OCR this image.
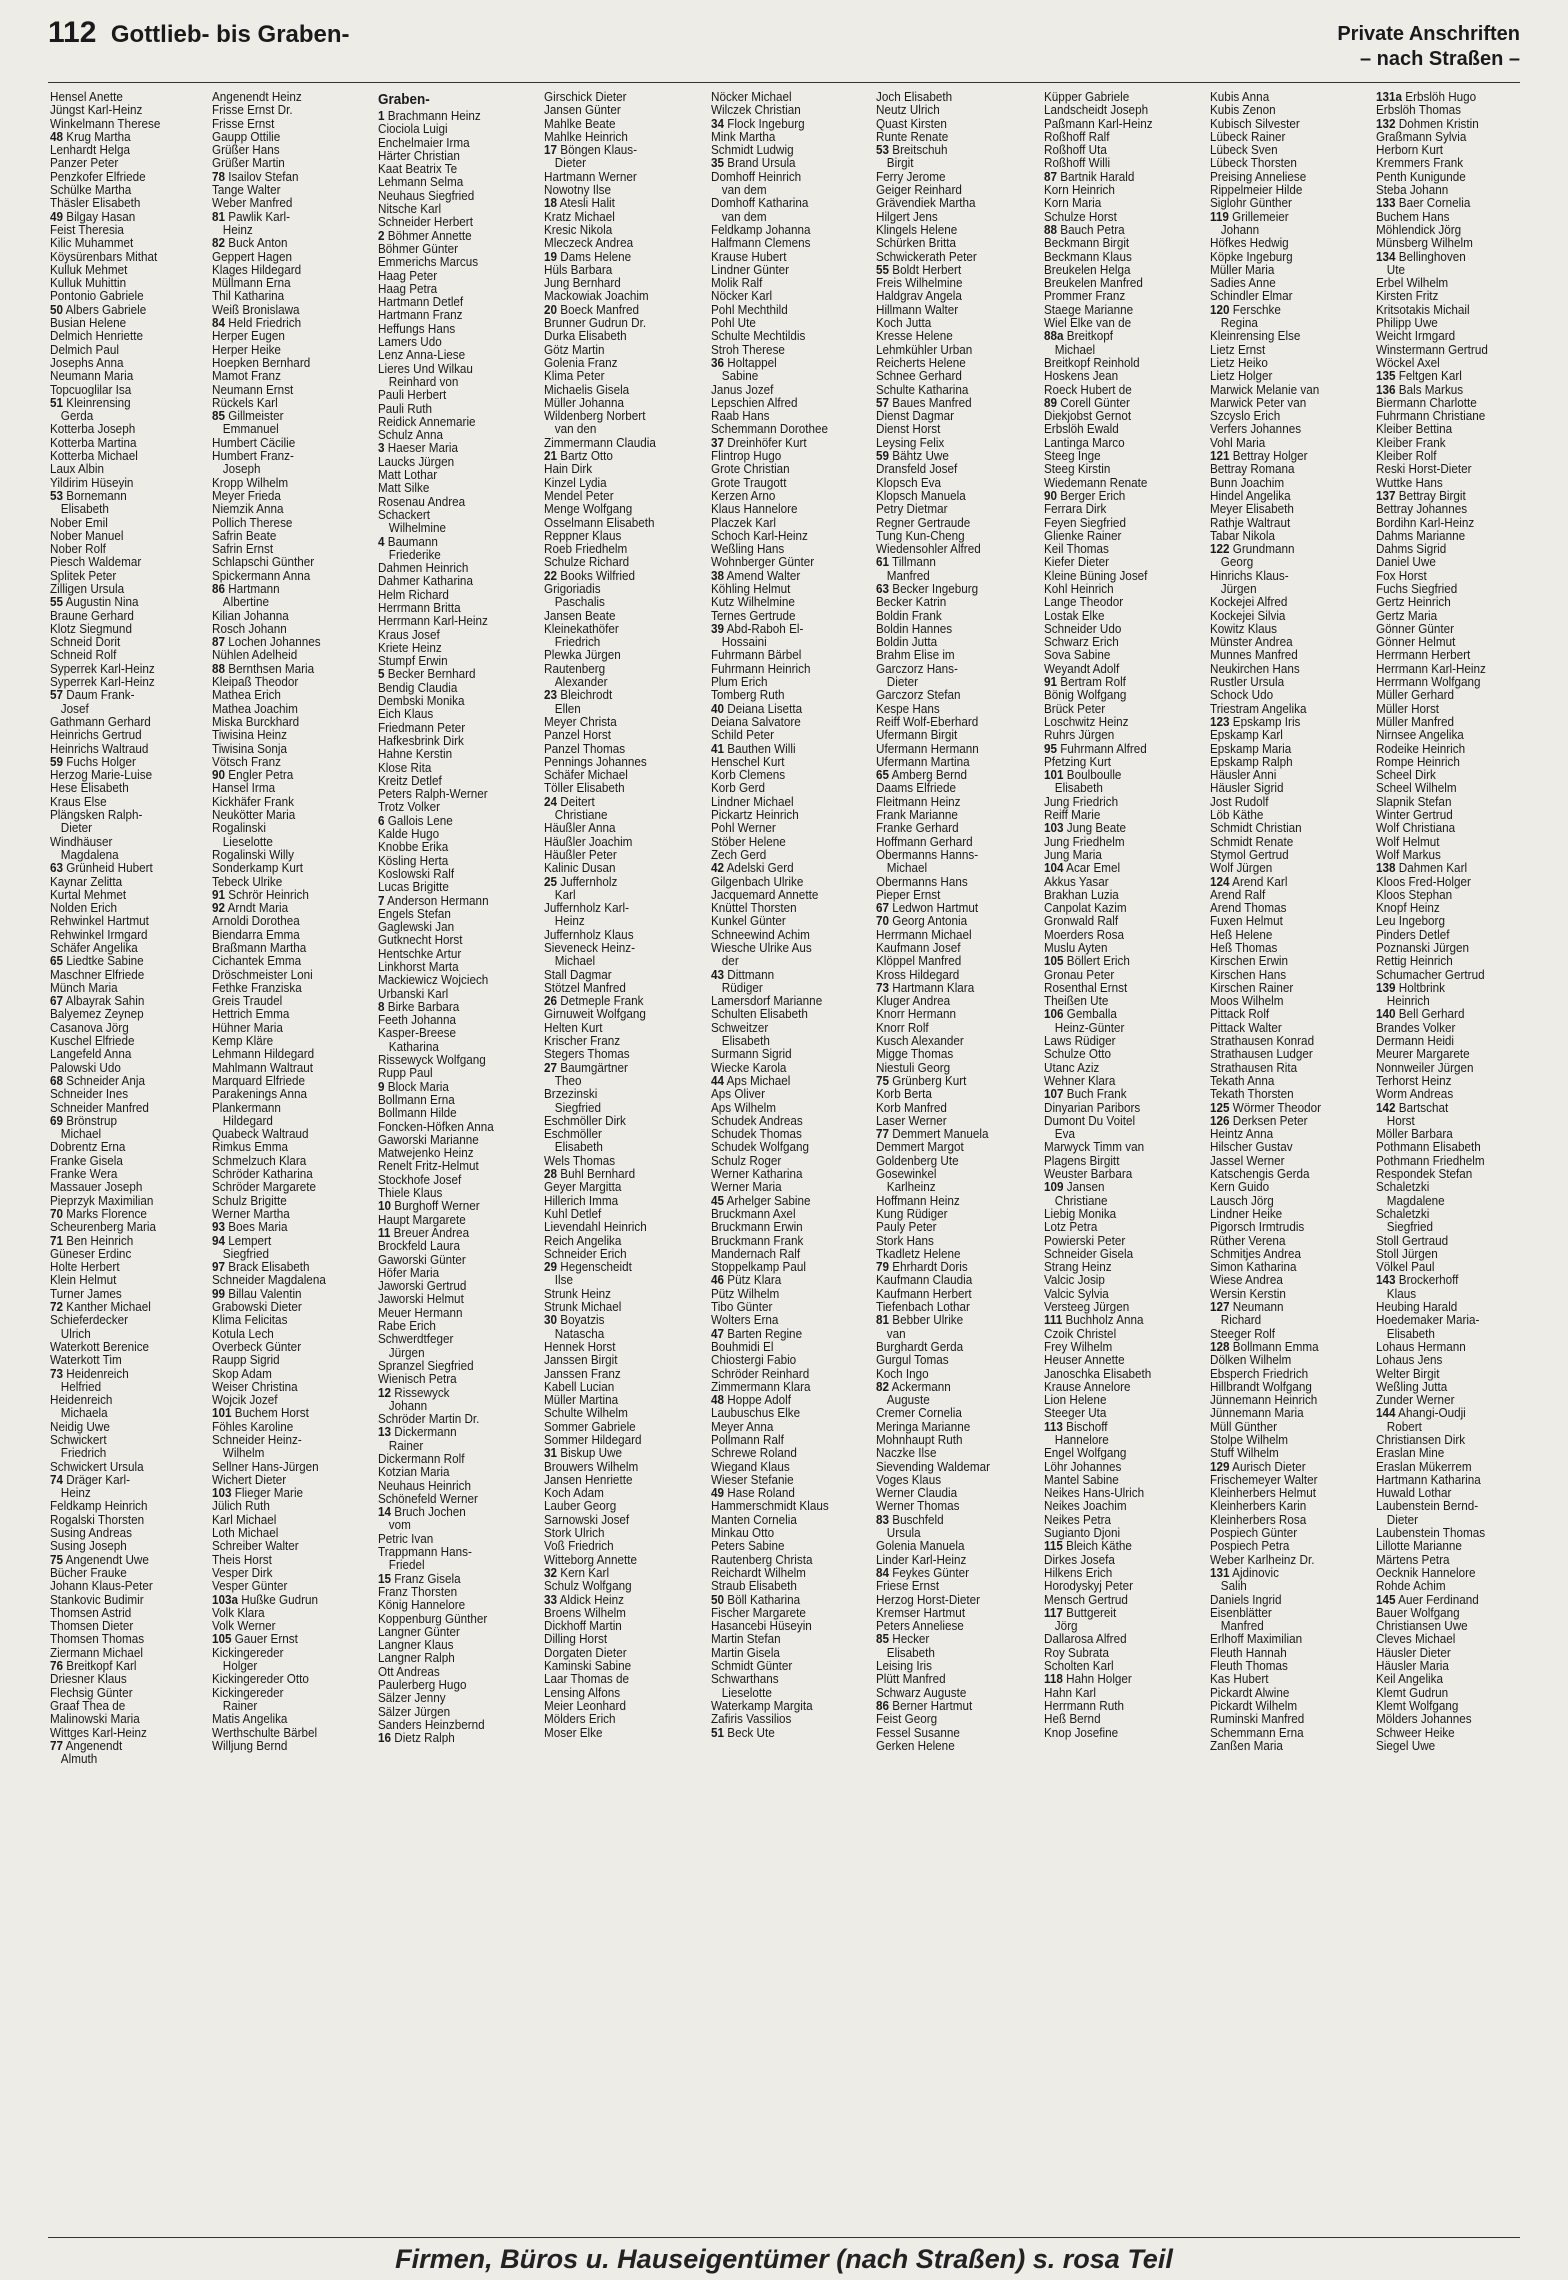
112 Gottlieb- bis Graben-	Private Anschriften
– nach Straßen –
Hensel Anette
Jüngst Karl-Heinz
Winkelmann Therese
48 Krug Martha
Lenhardt Helga
Panzer Peter
Penzkofer Elfriede
Schülke Martha
Thäsler Elisabeth
49 Bilgay Hasan
Feist Theresia
Kilic Muhammet
Köysürenbars Mithat
Kulluk Mehmet
Kulluk Muhittin
Pontonio Gabriele
50 Albers Gabriele
Busian Helene
Delmich Henriette
Delmich Paul
Josephs Anna
Neumann Maria
Topcuoglilar Isa
51 Kleinrensing
Gerda
Kotterba Joseph
Kotterba Martina
Kotterba Michael
Laux Albin
Yildirim Hüseyin
53 Bornemann
Elisabeth
Nober Emil
Nober Manuel
Nober Rolf
Piesch Waldemar
Splitek Peter
Zilligen Ursula
55 Augustin Nina
Braune Gerhard
Klotz Siegmund
Schneid Dorit
Schneid Rolf
Syperrek Karl-Heinz
Syperrek Karl-Heinz
57 Daum Frank-
Josef
Gathmann Gerhard
Heinrichs Gertrud
Heinrichs Waltraud
59 Fuchs Holger
Herzog Marie-Luise
Hese Elisabeth
Kraus Else
Plängsken Ralph-
Dieter
Windhäuser
Magdalena
63 Grünheid Hubert
Kaynar Zelitta
Kurtal Mehmet
Nolden Erich
Rehwinkel Hartmut
Rehwinkel Irmgard
Schäfer Angelika
65 Liedtke Sabine
Maschner Elfriede
Münch Maria
67 Albayrak Sahin
Balyemez Zeynep
Casanova Jörg
Kuschel Elfriede
Langefeld Anna
Palowski Udo
68 Schneider Anja
Schneider Ines
Schneider Manfred
69 Brönstrup
Michael
Dobrentz Erna
Franke Gisela
Franke Wera
Massauer Joseph
Pieprzyk Maximilian
70 Marks Florence
Scheurenberg Maria
71 Ben Heinrich
Güneser Erdinc
Holte Herbert
Klein Helmut
Turner James
72 Kanther Michael
Schieferdecker
Ulrich
Waterkott Berenice
Waterkott Tim
73 Heidenreich
Helfried
Heidenreich
Michaela
Neidig Uwe
Schwickert
Friedrich
Schwickert Ursula
74 Dräger Karl-
Heinz
Feldkamp Heinrich
Rogalski Thorsten
Susing Andreas
Susing Joseph
75 Angenendt Uwe
Bücher Frauke
Johann Klaus-Peter
Stankovic Budimir
Thomsen Astrid
Thomsen Dieter
Thomsen Thomas
Ziermann Michael
76 Breitkopf Karl
Driesner Klaus
Flechsig Günter
Graaf Thea de
Malinowski Maria
Wittges Karl-Heinz
77 Angenendt
Almuth
Angenendt Heinz
Frisse Ernst Dr.
Frisse Ernst
Gaupp Ottilie
Grüßer Hans
Grüßer Martin
78 Isailov Stefan
Tange Walter
Weber Manfred
81 Pawlik Karl-
Heinz
82 Buck Anton
Geppert Hagen
Klages Hildegard
Müllmann Erna
Thil Katharina
Weiß Bronislawa
84 Held Friedrich
Herper Eugen
Herper Heike
Hoepken Bernhard
Mamot Franz
Neumann Ernst
Rückels Karl
85 Gillmeister
Emmanuel
Humbert Cäcilie
Humbert Franz-
Joseph
Kropp Wilhelm
Meyer Frieda
Niemzik Anna
Pollich Therese
Safrin Beate
Safrin Ernst
Schlapschi Günther
Spickermann Anna
86 Hartmann
Albertine
Kilian Johanna
Rosch Johann
87 Lochen Johannes
Nühlen Adelheid
88 Bernthsen Maria
Kleipaß Theodor
Mathea Erich
Mathea Joachim
Miska Burckhard
Tiwisina Heinz
Tiwisina Sonja
Vötsch Franz
90 Engler Petra
Hansel Irma
Kickhäfer Frank
Neukötter Maria
Rogalinski
Lieselotte
Rogalinski Willy
Sonderkamp Kurt
Tebeck Ulrike
91 Schrör Heinrich
92 Arndt Maria
Arnoldi Dorothea
Biendarra Emma
Braßmann Martha
Cichantek Emma
Dröschmeister Loni
Fethke Franziska
Greis Traudel
Hettrich Emma
Hühner Maria
Kemp Kläre
Lehmann Hildegard
Mahlmann Waltraut
Marquard Elfriede
Parakenings Anna
Plankermann
Hildegard
Quabeck Waltraud
Rimkus Emma
Schmelzuch Klara
Schröder Katharina
Schröder Margarete
Schulz Brigitte
Werner Martha
93 Boes Maria
94 Lempert
Siegfried
97 Brack Elisabeth
Schneider Magdalena
99 Billau Valentin
Grabowski Dieter
Klima Felicitas
Kotula Lech
Overbeck Günter
Raupp Sigrid
Skop Adam
Weiser Christina
Wojcik Jozef
101 Buchem Horst
Föhles Karoline
Schneider Heinz-
Wilhelm
Sellner Hans-Jürgen
Wichert Dieter
103 Flieger Marie
Jülich Ruth
Karl Michael
Loth Michael
Schreiber Walter
Theis Horst
Vesper Dirk
Vesper Günter
103a Hußke Gudrun
Volk Klara
Volk Werner
105 Gauer Ernst
Kickingereder
Holger
Kickingereder Otto
Kickingereder
Rainer
Matis Angelika
Werthschulte Bärbel
Willjung Bernd
Graben-
1 Brachmann Heinz
Ciociola Luigi
Enchelmaier Irma
Härter Christian
Kaat Beatrix Te
Lehmann Selma
Neuhaus Siegfried
Nitsche Karl
Schneider Herbert
2 Böhmer Annette
Böhmer Günter
Emmerichs Marcus
Haag Peter
Haag Petra
Hartmann Detlef
Hartmann Franz
Heffungs Hans
Lamers Udo
Lenz Anna-Liese
Lieres Und Wilkau
Reinhard von
Pauli Herbert
Pauli Ruth
Reidick Annemarie
Schulz Anna
3 Haeser Maria
Laucks Jürgen
Matt Lothar
Matt Silke
Rosenau Andrea
Schackert
Wilhelmine
4 Baumann
Friederike
Dahmen Heinrich
Dahmer Katharina
Helm Richard
Herrmann Britta
Herrmann Karl-Heinz
Kraus Josef
Kriete Heinz
Stumpf Erwin
5 Becker Bernhard
Bendig Claudia
Dembski Monika
Eich Klaus
Friedmann Peter
Hafkesbrink Dirk
Hahne Kerstin
Klose Rita
Kreitz Detlef
Peters Ralph-Werner
Trotz Volker
6 Gallois Lene
Kalde Hugo
Knobbe Erika
Kösling Herta
Koslowski Ralf
Lucas Brigitte
7 Anderson Hermann
Engels Stefan
Gaglewski Jan
Gutknecht Horst
Hentschke Artur
Linkhorst Marta
Mackiewicz Wojciech
Urbanski Karl
8 Birke Barbara
Feeth Johanna
Kasper-Breese
Katharina
Rissewyck Wolfgang
Rupp Paul
9 Block Maria
Bollmann Erna
Bollmann Hilde
Foncken-Höfken Anna
Gaworski Marianne
Matwejenko Heinz
Renelt Fritz-Helmut
Stockhofe Josef
Thiele Klaus
10 Burghoff Werner
Haupt Margarete
11 Breuer Andrea
Brockfeld Laura
Gaworski Günter
Höfer Maria
Jaworski Gertrud
Jaworski Helmut
Meuer Hermann
Rabe Erich
Schwerdtfeger
Jürgen
Spranzel Siegfried
Wienisch Petra
12 Rissewyck
Johann
Schröder Martin Dr.
13 Dickermann
Rainer
Dickermann Rolf
Kotzian Maria
Neuhaus Heinrich
Schönefeld Werner
14 Bruch Jochen
vom
Petric Ivan
Trappmann Hans-
Friedel
15 Franz Gisela
Franz Thorsten
König Hannelore
Koppenburg Günther
Langner Günter
Langner Klaus
Langner Ralph
Ott Andreas
Paulerberg Hugo
Sälzer Jenny
Sälzer Jürgen
Sanders Heinzbernd
16 Dietz Ralph
Girschick Dieter
Jansen Günter
Mahlke Beate
Mahlke Heinrich
17 Böngen Klaus-
Dieter
Hartmann Werner
Nowotny Ilse
18 Atesli Halit
Kratz Michael
Kresic Nikola
Mleczeck Andrea
19 Dams Helene
Hüls Barbara
Jung Bernhard
Mackowiak Joachim
20 Boeck Manfred
Brunner Gudrun Dr.
Durka Elisabeth
Götz Martin
Golenia Franz
Klima Peter
Michaelis Gisela
Müller Johanna
Wildenberg Norbert
van den
Zimmermann Claudia
21 Bartz Otto
Hain Dirk
Kinzel Lydia
Mendel Peter
Menge Wolfgang
Osselmann Elisabeth
Reppner Klaus
Roeb Friedhelm
Schulze Richard
22 Books Wilfried
Grigoriadis
Paschalis
Jansen Beate
Kleinekathöfer
Friedrich
Plewka Jürgen
Rautenberg
Alexander
23 Bleichrodt
Ellen
Meyer Christa
Panzel Horst
Panzel Thomas
Pennings Johannes
Schäfer Michael
Töller Elisabeth
24 Deitert
Christiane
Häußler Anna
Häußler Joachim
Häußler Peter
Kalinic Dusan
25 Juffernholz
Karl
Juffernholz Karl-
Heinz
Juffernholz Klaus
Sieveneck Heinz-
Michael
Stall Dagmar
Stötzel Manfred
26 Detmeple Frank
Girnuweit Wolfgang
Helten Kurt
Krischer Franz
Stegers Thomas
27 Baumgärtner
Theo
Brzezinski
Siegfried
Eschmöller Dirk
Eschmöller
Elisabeth
Wels Thomas
28 Buhl Bernhard
Geyer Margitta
Hillerich Imma
Kuhl Detlef
Lievendahl Heinrich
Reich Angelika
Schneider Erich
29 Hegenscheidt
Ilse
Strunk Heinz
Strunk Michael
30 Boyatzis
Natascha
Hennek Horst
Janssen Birgit
Janssen Franz
Kabell Lucian
Müller Martina
Schulte Wilhelm
Sommer Gabriele
Sommer Hildegard
31 Biskup Uwe
Brouwers Wilhelm
Jansen Henriette
Koch Adam
Lauber Georg
Sarnowski Josef
Stork Ulrich
Voß Friedrich
Witteborg Annette
32 Kern Karl
Schulz Wolfgang
33 Aldick Heinz
Broens Wilhelm
Dickhoff Martin
Dilling Horst
Dorgaten Dieter
Kaminski Sabine
Laar Thomas de
Lensing Alfons
Meier Leonhard
Mölders Erich
Moser Elke
Nöcker Michael
Wilczek Christian
34 Flock Ingeburg
Mink Martha
Schmidt Ludwig
35 Brand Ursula
Domhoff Heinrich
van dem
Domhoff Katharina
van dem
Feldkamp Johanna
Halfmann Clemens
Krause Hubert
Lindner Günter
Molik Ralf
Nöcker Karl
Pohl Mechthild
Pohl Ute
Schulte Mechtildis
Stroh Therese
36 Holtappel
Sabine
Janus Jozef
Lepschien Alfred
Raab Hans
Schemmann Dorothee
37 Dreinhöfer Kurt
Flintrop Hugo
Grote Christian
Grote Traugott
Kerzen Arno
Klaus Hannelore
Placzek Karl
Schoch Karl-Heinz
Weßling Hans
Wohnberger Günter
38 Amend Walter
Köhling Helmut
Kutz Wilhelmine
Ternes Gertrude
39 Abd-Raboh El-
Hossaini
Fuhrmann Bärbel
Fuhrmann Heinrich
Plum Erich
Tomberg Ruth
40 Deiana Lisetta
Deiana Salvatore
Schild Peter
41 Bauthen Willi
Henschel Kurt
Korb Clemens
Korb Gerd
Lindner Michael
Pickartz Heinrich
Pohl Werner
Stöber Helene
Zech Gerd
42 Adelski Gerd
Gilgenbach Ulrike
Jacquemard Annette
Knüttel Thorsten
Kunkel Günter
Schneewind Achim
Wiesche Ulrike Aus
der
43 Dittmann
Rüdiger
Lamersdorf Marianne
Schulten Elisabeth
Schweitzer
Elisabeth
Surmann Sigrid
Wiecke Karola
44 Aps Michael
Aps Oliver
Aps Wilhelm
Schudek Andreas
Schudek Thomas
Schudek Wolfgang
Schulz Roger
Werner Katharina
Werner Maria
45 Arhelger Sabine
Bruckmann Axel
Bruckmann Erwin
Bruckmann Frank
Mandernach Ralf
Stoppelkamp Paul
46 Pütz Klara
Pütz Wilhelm
Tibo Günter
Wolters Erna
47 Barten Regine
Bouhmidi El
Chiostergi Fabio
Schröder Reinhard
Zimmermann Klara
48 Hoppe Adolf
Laubuschus Elke
Meyer Anna
Pollmann Ralf
Schrewe Roland
Wiegand Klaus
Wieser Stefanie
49 Hase Roland
Hammerschmidt Klaus
Manten Cornelia
Minkau Otto
Peters Sabine
Rautenberg Christa
Reichardt Wilhelm
Straub Elisabeth
50 Böll Katharina
Fischer Margarete
Hasancebi Hüseyin
Martin Stefan
Martin Gisela
Schmidt Günter
Schwarthans
Lieselotte
Waterkamp Margita
Zafiris Vassilios
51 Beck Ute
Joch Elisabeth
Neutz Ulrich
Quast Kirsten
Runte Renate
53 Breitschuh
Birgit
Ferry Jerome
Geiger Reinhard
Grävendiek Martha
Hilgert Jens
Klingels Helene
Schürken Britta
Schwickerath Peter
55 Boldt Herbert
Freis Wilhelmine
Haldgrav Angela
Hillmann Walter
Koch Jutta
Kresse Helene
Lehmkühler Urban
Reicherts Helene
Schnee Gerhard
Schulte Katharina
57 Baues Manfred
Dienst Dagmar
Dienst Horst
Leysing Felix
59 Bähtz Uwe
Dransfeld Josef
Klopsch Eva
Klopsch Manuela
Petry Dietmar
Regner Gertraude
Tung Kun-Cheng
Wiedensohler Alfred
61 Tillmann
Manfred
63 Becker Ingeburg
Becker Katrin
Boldin Frank
Boldin Hannes
Boldin Jutta
Brahm Elise im
Garczorz Hans-
Dieter
Garczorz Stefan
Kespe Hans
Reiff Wolf-Eberhard
Ufermann Birgit
Ufermann Hermann
Ufermann Martina
65 Amberg Bernd
Daams Elfriede
Fleitmann Heinz
Frank Marianne
Franke Gerhard
Hoffmann Gerhard
Obermanns Hanns-
Michael
Obermanns Hans
Pieper Ernst
67 Ledwon Hartmut
70 Georg Antonia
Herrmann Michael
Kaufmann Josef
Klöppel Manfred
Kross Hildegard
73 Hartmann Klara
Kluger Andrea
Knorr Hermann
Knorr Rolf
Kusch Alexander
Migge Thomas
Niestuli Georg
75 Grünberg Kurt
Korb Berta
Korb Manfred
Laser Werner
77 Demmert Manuela
Demmert Margot
Goldenberg Ute
Gosewinkel
Karlheinz
Hoffmann Heinz
Kung Rüdiger
Pauly Peter
Stork Hans
Tkadletz Helene
79 Ehrhardt Doris
Kaufmann Claudia
Kaufmann Herbert
Tiefenbach Lothar
81 Bebber Ulrike
van
Burghardt Gerda
Gurgul Tomas
Koch Ingo
82 Ackermann
Auguste
Cremer Cornelia
Meringa Marianne
Mohnhaupt Ruth
Naczke Ilse
Sievending Waldemar
Voges Klaus
Werner Claudia
Werner Thomas
83 Buschfeld
Ursula
Golenia Manuela
Linder Karl-Heinz
84 Feykes Günter
Friese Ernst
Herzog Horst-Dieter
Kremser Hartmut
Peters Anneliese
85 Hecker
Elisabeth
Leising Iris
Plütt Manfred
Schwarz Auguste
86 Berner Hartmut
Feist Georg
Fessel Susanne
Gerken Helene
Küpper Gabriele
Landscheidt Joseph
Paßmann Karl-Heinz
Roßhoff Ralf
Roßhoff Uta
Roßhoff Willi
87 Bartnik Harald
Korn Heinrich
Korn Maria
Schulze Horst
88 Bauch Petra
Beckmann Birgit
Beckmann Klaus
Breukelen Helga
Breukelen Manfred
Prommer Franz
Staege Marianne
Wiel Elke van de
88a Breitkopf
Michael
Breitkopf Reinhold
Hoskens Jean
Roeck Hubert de
89 Corell Günter
Diekjobst Gernot
Erbslöh Ewald
Lantinga Marco
Steeg Inge
Steeg Kirstin
Wiedemann Renate
90 Berger Erich
Ferrara Dirk
Feyen Siegfried
Glienke Rainer
Keil Thomas
Kiefer Dieter
Kleine Büning Josef
Kohl Heinrich
Lange Theodor
Lostak Elke
Schneider Udo
Schwarz Erich
Sova Sabine
Weyandt Adolf
91 Bertram Rolf
Bönig Wolfgang
Brück Peter
Loschwitz Heinz
Ruhrs Jürgen
95 Fuhrmann Alfred
Pfetzing Kurt
101 Boulboulle
Elisabeth
Jung Friedrich
Reiff Marie
103 Jung Beate
Jung Friedhelm
Jung Maria
104 Acar Emel
Akkus Yasar
Brakhan Luzia
Canpolat Kazim
Gronwald Ralf
Moerders Rosa
Muslu Ayten
105 Böllert Erich
Gronau Peter
Rosenthal Ernst
Theißen Ute
106 Gemballa
Heinz-Günter
Laws Rüdiger
Schulze Otto
Utanc Aziz
Wehner Klara
107 Buch Frank
Dinyarian Paribors
Dumont Du Voitel
Eva
Marwyck Timm van
Plagens Birgitt
Weuster Barbara
109 Jansen
Christiane
Liebig Monika
Lotz Petra
Powierski Peter
Schneider Gisela
Strang Heinz
Valcic Josip
Valcic Sylvia
Versteeg Jürgen
111 Buchholz Anna
Czoik Christel
Frey Wilhelm
Heuser Annette
Janoschka Elisabeth
Krause Annelore
Lion Helene
Steeger Uta
113 Bischoff
Hannelore
Engel Wolfgang
Löhr Johannes
Mantel Sabine
Neikes Hans-Ulrich
Neikes Joachim
Neikes Petra
Sugianto Djoni
115 Bleich Käthe
Dirkes Josefa
Hilkens Erich
Horodyskyj Peter
Mensch Gertrud
117 Buttgereit
Jörg
Dallarosa Alfred
Roy Subrata
Scholten Karl
118 Hahn Holger
Hahn Karl
Herrmann Ruth
Heß Bernd
Knop Josefine
Kubis Anna
Kubis Zenon
Kubisch Silvester
Lübeck Rainer
Lübeck Sven
Lübeck Thorsten
Preising Anneliese
Rippelmeier Hilde
Siglohr Günther
119 Grillemeier
Johann
Höfkes Hedwig
Köpke Ingeburg
Müller Maria
Sadies Anne
Schindler Elmar
120 Ferschke
Regina
Kleinrensing Else
Lietz Ernst
Lietz Heiko
Lietz Holger
Marwick Melanie van
Marwick Peter van
Szcyslo Erich
Verfers Johannes
Vohl Maria
121 Bettray Holger
Bettray Romana
Bunn Joachim
Hindel Angelika
Meyer Elisabeth
Rathje Waltraut
Tabar Nikola
122 Grundmann
Georg
Hinrichs Klaus-
Jürgen
Kockejei Alfred
Kockejei Silvia
Kowitz Klaus
Münster Andrea
Munnes Manfred
Neukirchen Hans
Rustler Ursula
Schock Udo
Triestram Angelika
123 Epskamp Iris
Epskamp Karl
Epskamp Maria
Epskamp Ralph
Häusler Anni
Häusler Sigrid
Jost Rudolf
Löb Käthe
Schmidt Christian
Schmidt Renate
Stymol Gertrud
Wolf Jürgen
124 Arend Karl
Arend Ralf
Arend Thomas
Fuxen Helmut
Heß Helene
Heß Thomas
Kirschen Erwin
Kirschen Hans
Kirschen Rainer
Moos Wilhelm
Pittack Rolf
Pittack Walter
Strathausen Konrad
Strathausen Ludger
Strathausen Rita
Tekath Anna
Tekath Thorsten
125 Wörmer Theodor
126 Derksen Peter
Heintz Anna
Hilscher Gustav
Jassel Werner
Katschengis Gerda
Kern Guido
Lausch Jörg
Lindner Heike
Pigorsch Irmtrudis
Rüther Verena
Schmitjes Andrea
Simon Katharina
Wiese Andrea
Wersin Kerstin
127 Neumann
Richard
Steeger Rolf
128 Bollmann Emma
Dölken Wilhelm
Ebsperch Friedrich
Hillbrandt Wolfgang
Jünnemann Heinrich
Jünnemann Maria
Müll Günther
Stolpe Wilhelm
Stuff Wilhelm
129 Aurisch Dieter
Frischemeyer Walter
Kleinherbers Helmut
Kleinherbers Karin
Kleinherbers Rosa
Pospiech Günter
Pospiech Petra
Weber Karlheinz Dr.
131 Ajdinovic
Salih
Daniels Ingrid
Eisenblätter
Manfred
Erlhoff Maximilian
Fleuth Hannah
Fleuth Thomas
Kas Hubert
Pickardt Alwine
Pickardt Wilhelm
Ruminski Manfred
Schemmann Erna
Zanßen Maria
131a Erbslöh Hugo
Erbslöh Thomas
132 Dohmen Kristin
Graßmann Sylvia
Herborn Kurt
Kremmers Frank
Penth Kunigunde
Steba Johann
133 Baer Cornelia
Buchem Hans
Möhlendick Jörg
Münsberg Wilhelm
134 Bellinghoven
Ute
Erbel Wilhelm
Kirsten Fritz
Kritsotakis Michail
Philipp Uwe
Weicht Irmgard
Winstermann Gertrud
Wöckel Axel
135 Feltgen Karl
136 Bals Markus
Biermann Charlotte
Fuhrmann Christiane
Kleiber Bettina
Kleiber Frank
Kleiber Rolf
Reski Horst-Dieter
Wuttke Hans
137 Bettray Birgit
Bettray Johannes
Bordihn Karl-Heinz
Dahms Marianne
Dahms Sigrid
Daniel Uwe
Fox Horst
Fuchs Siegfried
Gertz Heinrich
Gertz Maria
Gönner Günter
Gönner Helmut
Herrmann Herbert
Herrmann Karl-Heinz
Herrmann Wolfgang
Müller Gerhard
Müller Horst
Müller Manfred
Nirnsee Angelika
Rodeike Heinrich
Rompe Heinrich
Scheel Dirk
Scheel Wilhelm
Slapnik Stefan
Winter Gertrud
Wolf Christiana
Wolf Helmut
Wolf Markus
138 Dahmen Karl
Kloos Fred-Holger
Kloos Stephan
Knopf Heinz
Leu Ingeborg
Pinders Detlef
Poznanski Jürgen
Rettig Heinrich
Schumacher Gertrud
139 Holtbrink
Heinrich
140 Bell Gerhard
Brandes Volker
Dermann Heidi
Meurer Margarete
Nonnweiler Jürgen
Terhorst Heinz
Worm Andreas
142 Bartschat
Horst
Möller Barbara
Pothmann Elisabeth
Pothmann Friedhelm
Respondek Stefan
Schaletzki
Magdalene
Schaletzki
Siegfried
Stoll Gertraud
Stoll Jürgen
Völkel Paul
143 Brockerhoff
Klaus
Heubing Harald
Hoedemaker Maria-
Elisabeth
Lohaus Hermann
Lohaus Jens
Welter Birgit
Weßling Jutta
Zunder Werner
144 Ahangi-Oudji
Robert
Christiansen Dirk
Eraslan Mine
Eraslan Mükerrem
Hartmann Katharina
Huwald Lothar
Laubenstein Bernd-
Dieter
Laubenstein Thomas
Lillotte Marianne
Märtens Petra
Oecknik Hannelore
Rohde Achim
145 Auer Ferdinand
Bauer Wolfgang
Christiansen Uwe
Cleves Michael
Häusler Dieter
Häusler Maria
Keil Angelika
Klemt Gudrun
Klemt Wolfgang
Mölders Johannes
Schweer Heike
Siegel Uwe
Firmen, Büros u. Hauseigentümer (nach Straßen) s. rosa Teil
